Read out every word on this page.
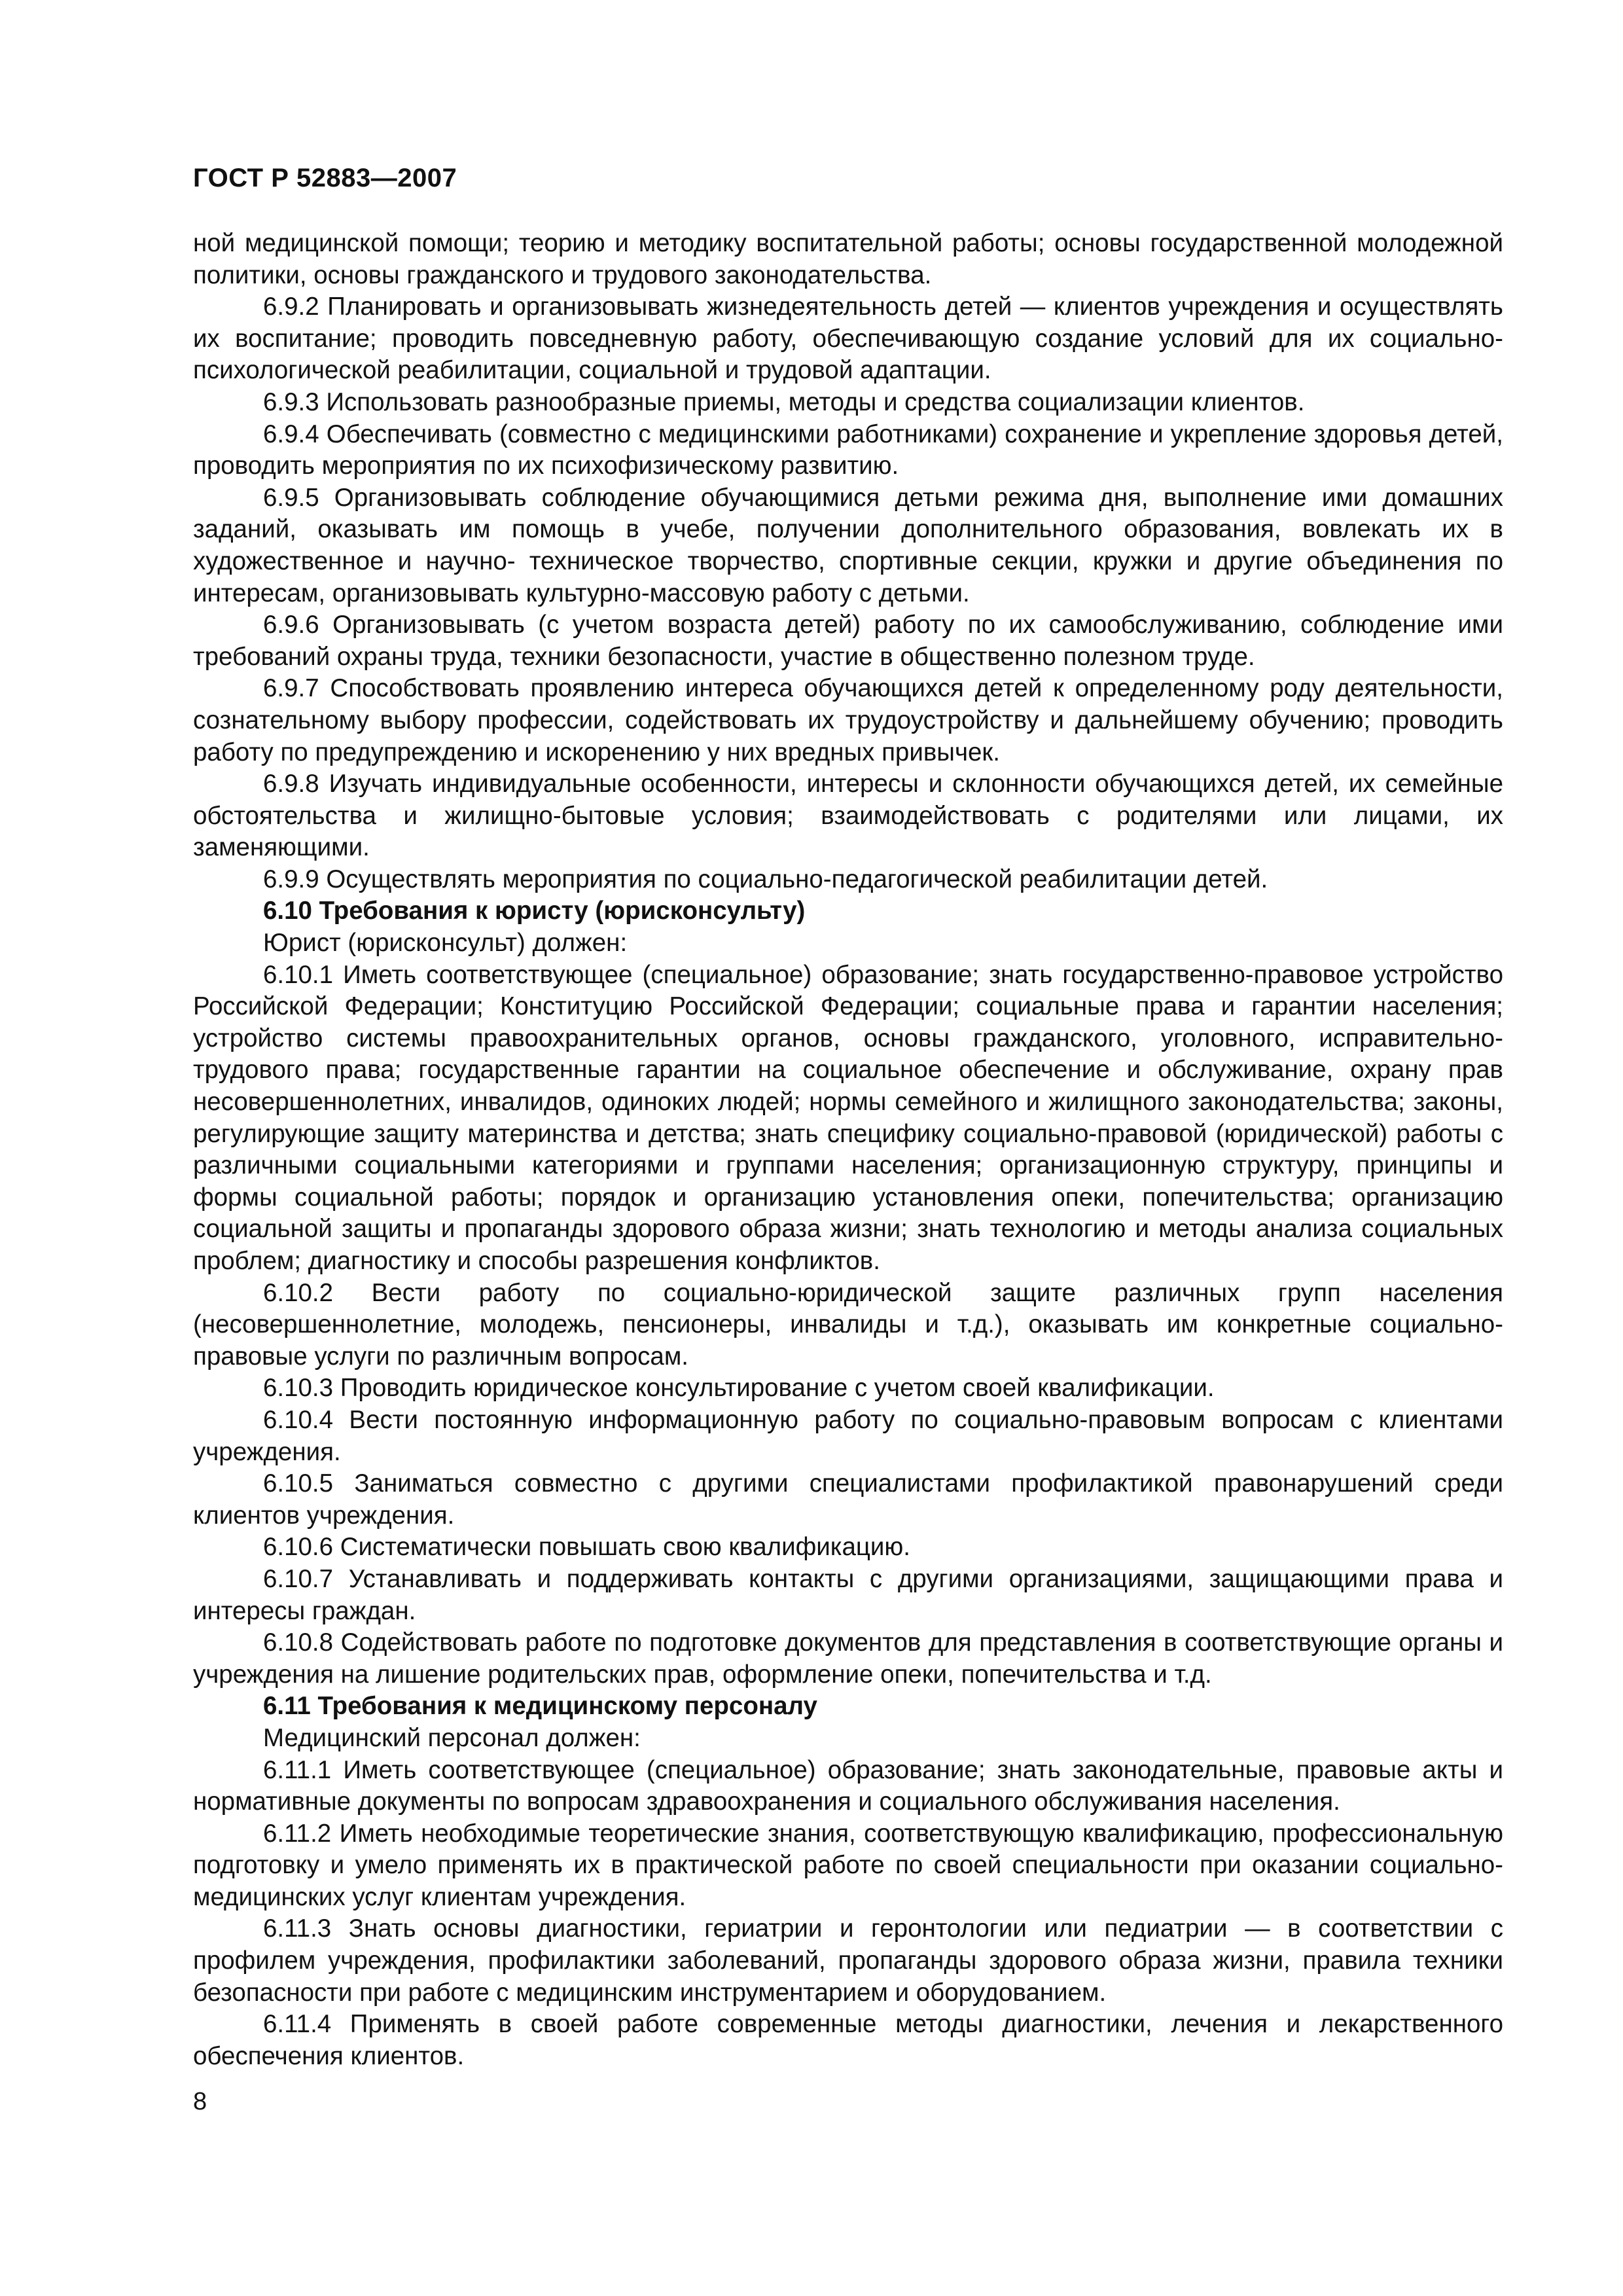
ГОСТ Р 52883—2007

ной медицинской помощи; теорию и методику воспитательной работы; основы государственной молодежной политики, основы гражданского и трудового законодательства.

6.9.2 Планировать и организовывать жизнедеятельность детей — клиентов учреждения и осуществлять их воспитание; проводить повседневную работу, обеспечивающую создание условий для их социально-психологической реабилитации, социальной и трудовой адаптации.

6.9.3 Использовать разнообразные приемы, методы и средства социализации клиентов.

6.9.4 Обеспечивать (совместно с медицинскими работниками) сохранение и укрепление здоровья детей, проводить мероприятия по их психофизическому развитию.

6.9.5 Организовывать соблюдение обучающимися детьми режима дня, выполнение ими домашних заданий, оказывать им помощь в учебе, получении дополнительного образования, вовлекать их в художественное и научно- техническое творчество, спортивные секции, кружки и другие объединения по интересам, организовывать культурно-массовую работу с детьми.

6.9.6 Организовывать (с учетом возраста детей) работу по их самообслуживанию, соблюдение ими требований охраны труда, техники безопасности, участие в общественно полезном труде.

6.9.7 Способствовать проявлению интереса обучающихся детей к определенному роду деятельности, сознательному выбору профессии, содействовать их трудоустройству и дальнейшему обучению; проводить работу по предупреждению и искоренению у них вредных привычек.

6.9.8 Изучать индивидуальные особенности, интересы и склонности обучающихся детей, их семейные обстоятельства и жилищно-бытовые условия; взаимодействовать с родителями или лицами, их заменяющими.

6.9.9 Осуществлять мероприятия по социально-педагогической реабилитации детей.

6.10 Требования к юристу (юрисконсульту)

Юрист (юрисконсульт) должен:

6.10.1 Иметь соответствующее (специальное) образование; знать государственно-правовое устройство Российской Федерации; Конституцию Российской Федерации; социальные права и гарантии населения; устройство системы правоохранительных органов, основы гражданского, уголовного, исправительно-трудового права; государственные гарантии на социальное обеспечение и обслуживание, охрану прав несовершеннолетних, инвалидов, одиноких людей; нормы семейного и жилищного законодательства; законы, регулирующие защиту материнства и детства; знать специфику социально-правовой (юридической) работы с различными социальными категориями и группами населения; организационную структуру, принципы и формы социальной работы; порядок и организацию установления опеки, попечительства; организацию социальной защиты и пропаганды здорового образа жизни; знать технологию и методы анализа социальных проблем; диагностику и способы разрешения конфликтов.

6.10.2 Вести работу по социально-юридической защите различных групп населения (несовершеннолетние, молодежь, пенсионеры, инвалиды и т.д.), оказывать им конкретные социально-правовые услуги по различным вопросам.

6.10.3 Проводить юридическое консультирование с учетом своей квалификации.

6.10.4 Вести постоянную информационную работу по социально-правовым вопросам с клиентами учреждения.

6.10.5 Заниматься совместно с другими специалистами профилактикой правонарушений среди клиентов учреждения.

6.10.6 Систематически повышать свою квалификацию.

6.10.7 Устанавливать и поддерживать контакты с другими организациями, защищающими права и интересы граждан.

6.10.8 Содействовать работе по подготовке документов для представления в соответствующие органы и учреждения на лишение родительских прав, оформление опеки, попечительства и т.д.

6.11 Требования к медицинскому персоналу

Медицинский персонал должен:

6.11.1 Иметь соответствующее (специальное) образование; знать законодательные, правовые акты и нормативные документы по вопросам здравоохранения и социального обслуживания населения.

6.11.2 Иметь необходимые теоретические знания, соответствующую квалификацию, профессиональную подготовку и умело применять их в практической работе по своей специальности при оказании социально-медицинских услуг клиентам учреждения.

6.11.3 Знать основы диагностики, гериатрии и геронтологии или педиатрии — в соответствии с профилем учреждения, профилактики заболеваний, пропаганды здорового образа жизни, правила техники безопасности при работе с медицинским инструментарием и оборудованием.

6.11.4 Применять в своей работе современные методы диагностики, лечения и лекарственного обеспечения клиентов.

8
